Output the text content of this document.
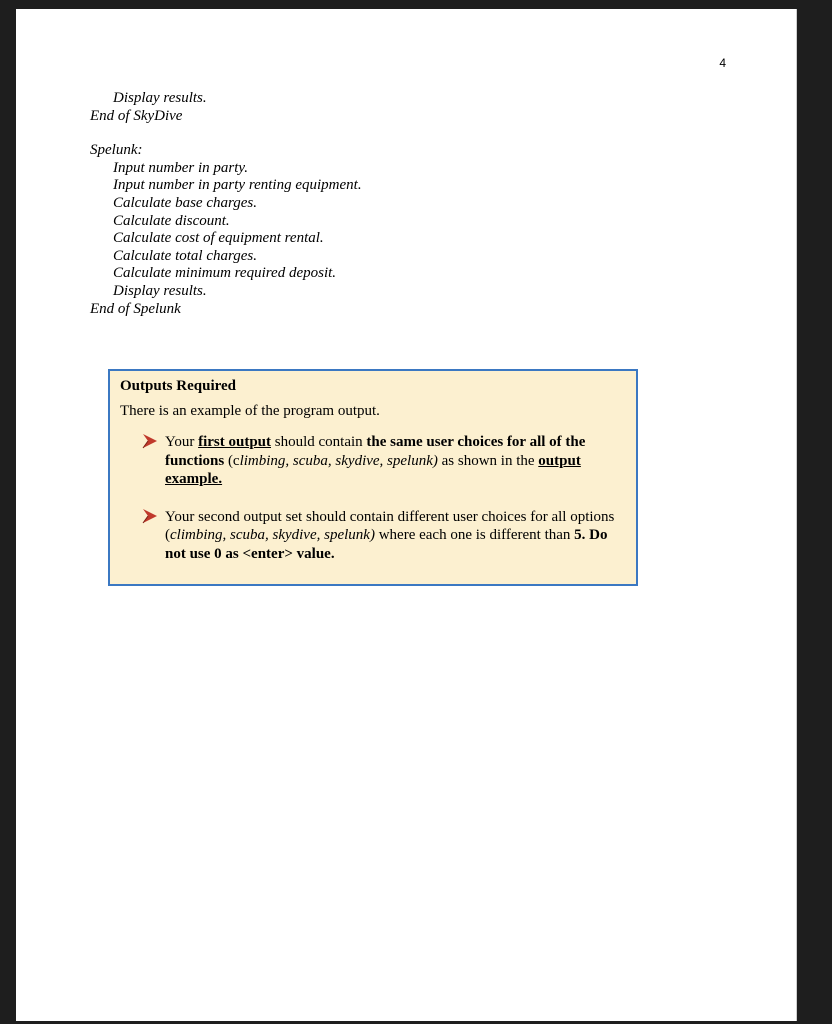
4
Display results.
End of SkyDive
Spelunk:
Input number in party.
Input number in party renting equipment.
Calculate base charges.
Calculate discount.
Calculate cost of equipment rental.
Calculate total charges.
Calculate minimum required deposit.
Display results.
End of Spelunk
Outputs Required
There is an example of the program output.
Your first output should contain the same user choices for all of the functions (climbing, scuba, skydive, spelunk) as shown in the output example.
Your second output set should contain different user choices for all options (climbing, scuba, skydive, spelunk) where each one is different than 5. Do not use 0 as <enter> value.
